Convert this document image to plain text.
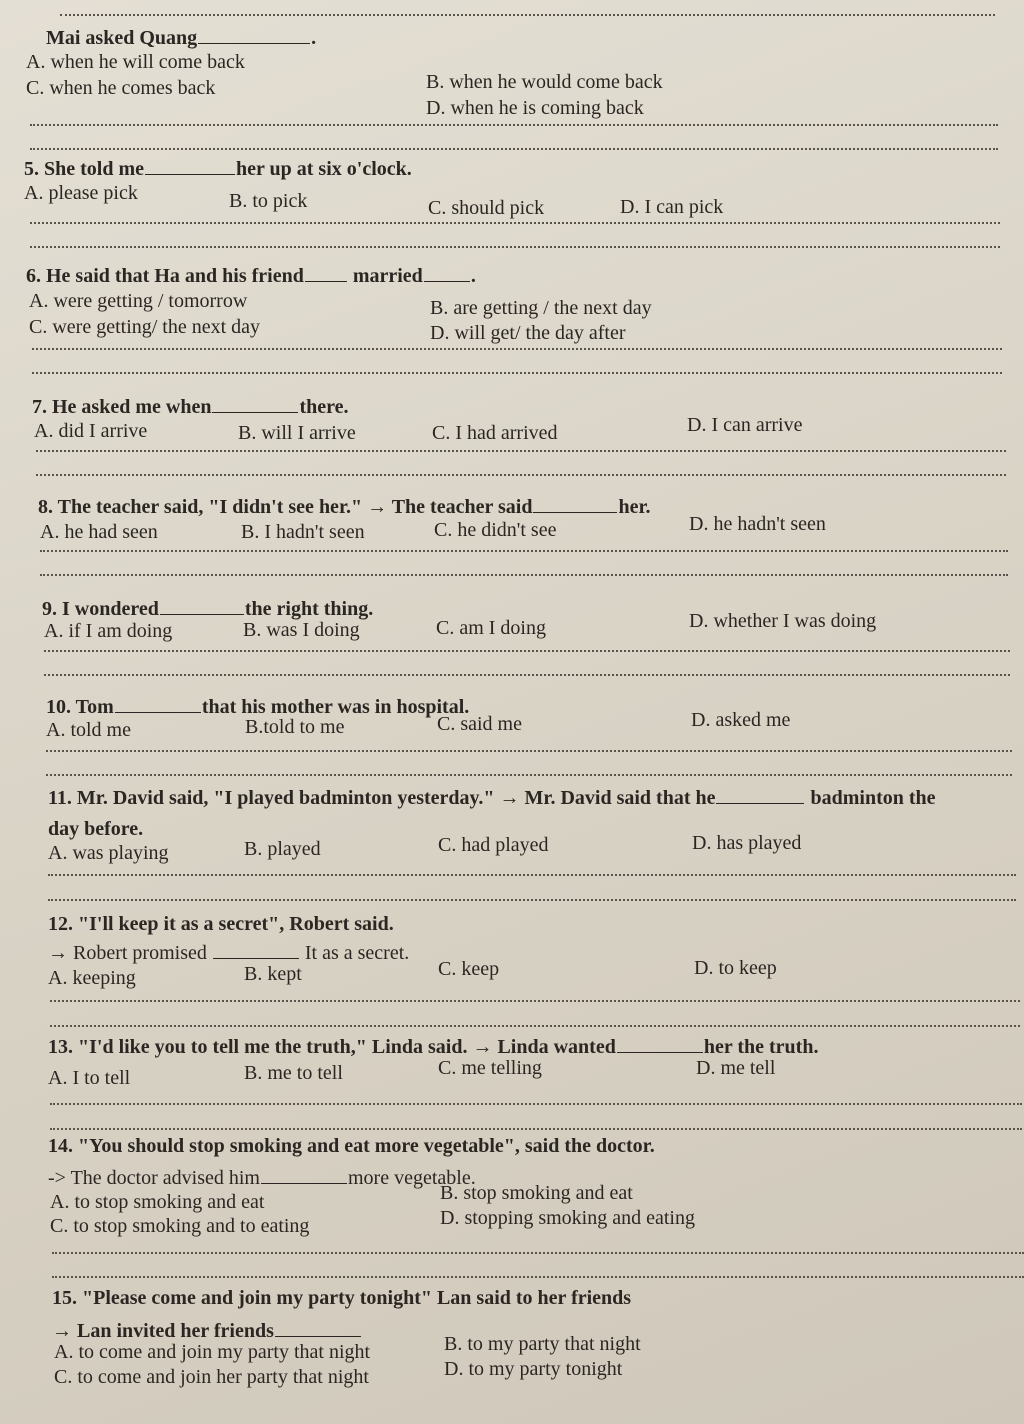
Mai asked Quang	.
A. when he will come back
B. when he would come back
C. when he comes back
D. when he is coming back
5. She told me	her up at six o'clock.
A. please pick	B. to pick	C. should pick	D. I can pick
6. He said that Ha and his friend married .
A. were getting / tomorrow	B. are getting / the next day
C. were getting/ the next day	D. will get/ the day after
7. He asked me when	there.
A. did I arrive	B. will I arrive	C. I had arrived	D. I can arrive
8. The teacher said, "I didn't see her." → The teacher said	her.
A. he had seen	B. I hadn't seen	C. he didn't see	D. he hadn't seen
9. I wondered	the right thing.
A. if I am doing	B. was I doing	C. am I doing	D. whether I was doing
10. Tom	that his mother was in hospital.
A. told me	B.told to me	C. said me	D. asked me
11. Mr. David said, "I played badminton yesterday." → Mr. David said that he	badminton the
day before.
A. was playing	B. played	C. had played	D. has played
12. "I'll keep it as a secret", Robert said.
→ Robert promised	It as a secret.
A. keeping	B. kept	C. keep	D. to keep
13. "I'd like you to tell me the truth," Linda said. → Linda wanted	her the truth.
A. I to tell	B. me to tell	C. me telling	D. me tell
14. "You should stop smoking and eat more vegetable", said the doctor.
-> The doctor advised him	more vegetable.
A. to stop smoking and eat	B. stop smoking and eat
C. to stop smoking and to eating	D. stopping smoking and eating
15. "Please come and join my party tonight" Lan said to her friends
→ Lan invited her friends
A. to come and join my party that night	B. to my party that night
C. to come and join her party that night	D. to my party tonight
